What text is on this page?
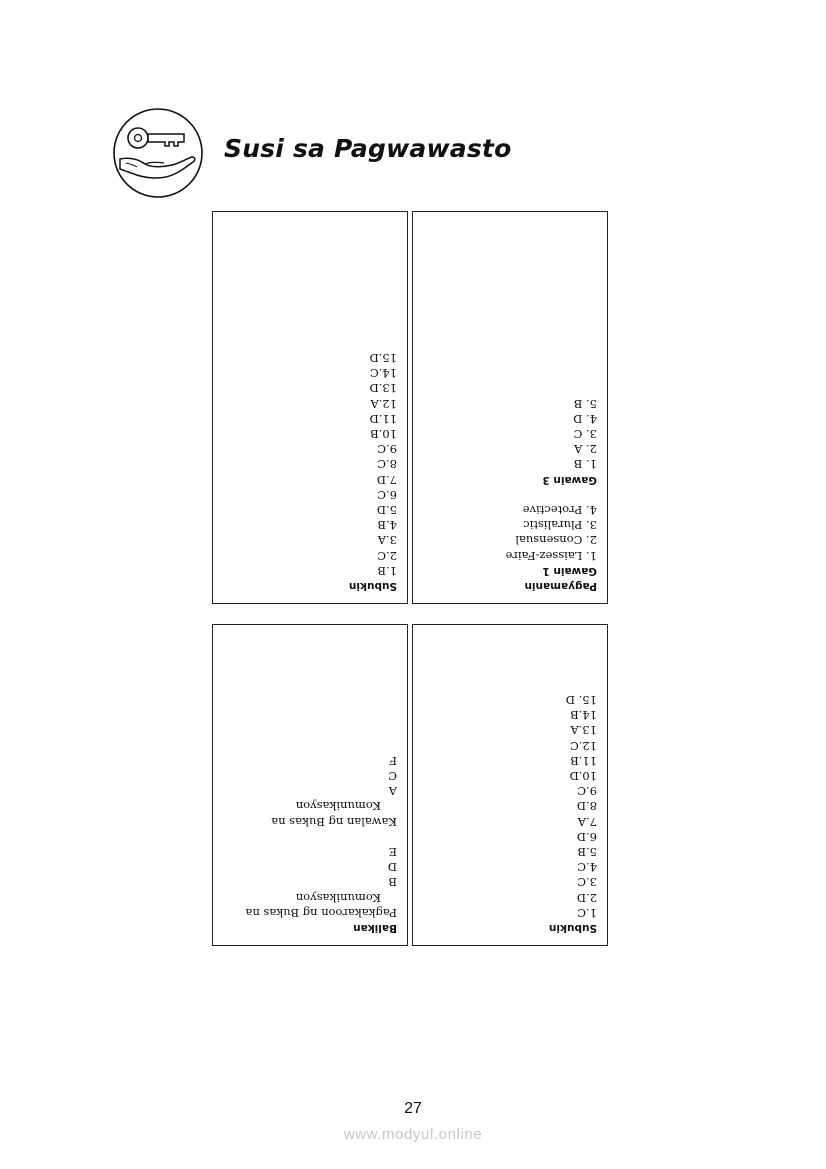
Susi sa Pagwawasto
Subukin
1.B
2.C
3.A
4.B
5.D
6.C
7.D
8.C
9.C
10.B
11.D
12.A
13.D
14.C
15.D
Pagyamanin
Gawain 1
1. Laissez-Faire
2. Consensual
3. Pluralistic
4. Protective

Gawain 3
1. B
2. A
3. C
4. D
5. B
Balikan
Pagkakaroon ng Bukas na
Komunikasyon
B
D
E

Kawalan ng Bukas na
Komunikasyon
A
C
F
Subukin
1.C
2.D
3.C
4.C
5.B
6.D
7.A
8.D
9.C
10.D
11.B
12.C
13.A
14.B
15. D
27
www.modyul.online
